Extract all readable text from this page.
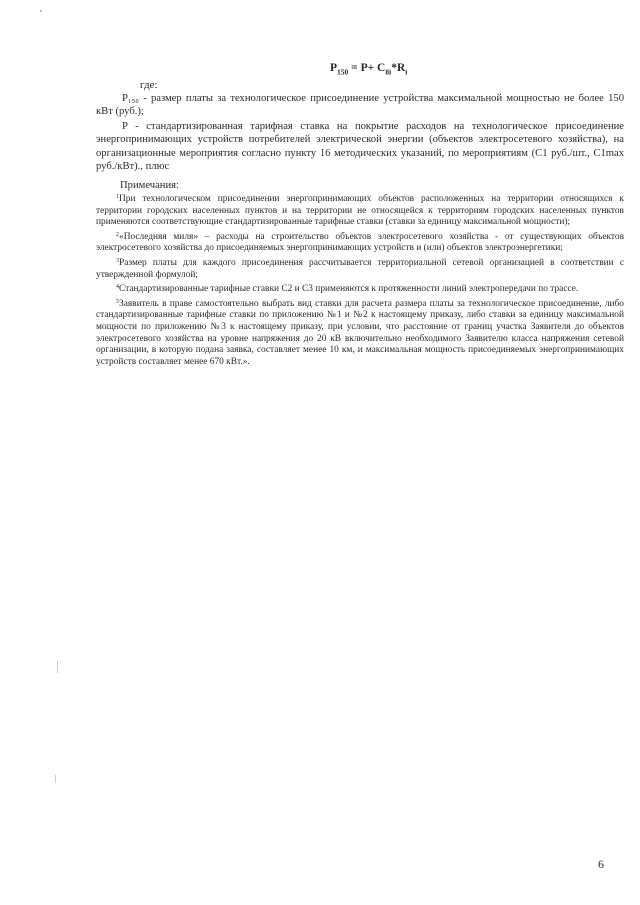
$P_{150} = P+ C_{8i}*R_i$
где:
P₁₅₀ - размер платы за технологическое присоединение устройства максимальной мощностью не более 150 кВт (руб.);
P - стандартизированная тарифная ставка на покрытие расходов на технологическое присоединение энергопринимающих устройств потребителей электрической энергии (объектов электросетевого хозяйства), на организационные мероприятия согласно пункту 16 методических указаний, по мероприятиям (C1 руб./шт., C1max руб./кВт)., плюс
Примечания:
$^1$При технологическом присоединении энергопринимающих объектов расположенных на территории относящихся к территории городских населенных пунктов и на территории не относящейся к территориям городских населенных пунктов применяются соответствующие стандартизированные тарифные ставки (ставки за единицу максимальной мощности);
$^2$«Последняя миля» – расходы на строительство объектов электросетевого хозяйства - от существующих объектов электросетевого хозяйства до присоединяемых энергопринимающих устройств и (или) объектов электроэнергетики;
$^3$Размер платы для каждого присоединения рассчитывается территориальной сетевой организацией в соответствии с утвержденной формулой;
$^4$Стандартизированные тарифные ставки C2 и C3 применяются к протяженности линий электропередачи по трассе.
$^5$Заявитель в праве самостоятельно выбрать вид ставки для расчета размера платы за технологическое присоединение, либо стандартизированные тарифные ставки по приложению №1 и №2 к настоящему приказу, либо ставки за единицу максимальной мощности по приложению №3 к настоящему приказу, при условии, что расстояние от границ участка Заявителя до объектов электросетевого хозяйства на уровне напряжения до 20 кВ включительно необходимого Заявителю класса напряжения сетевой организации, в которую подана заявка, составляет менее 10 км, и максимальная мощность присоединяемых энергопринимающих устройств составляет менее 670 кВт.».
6
